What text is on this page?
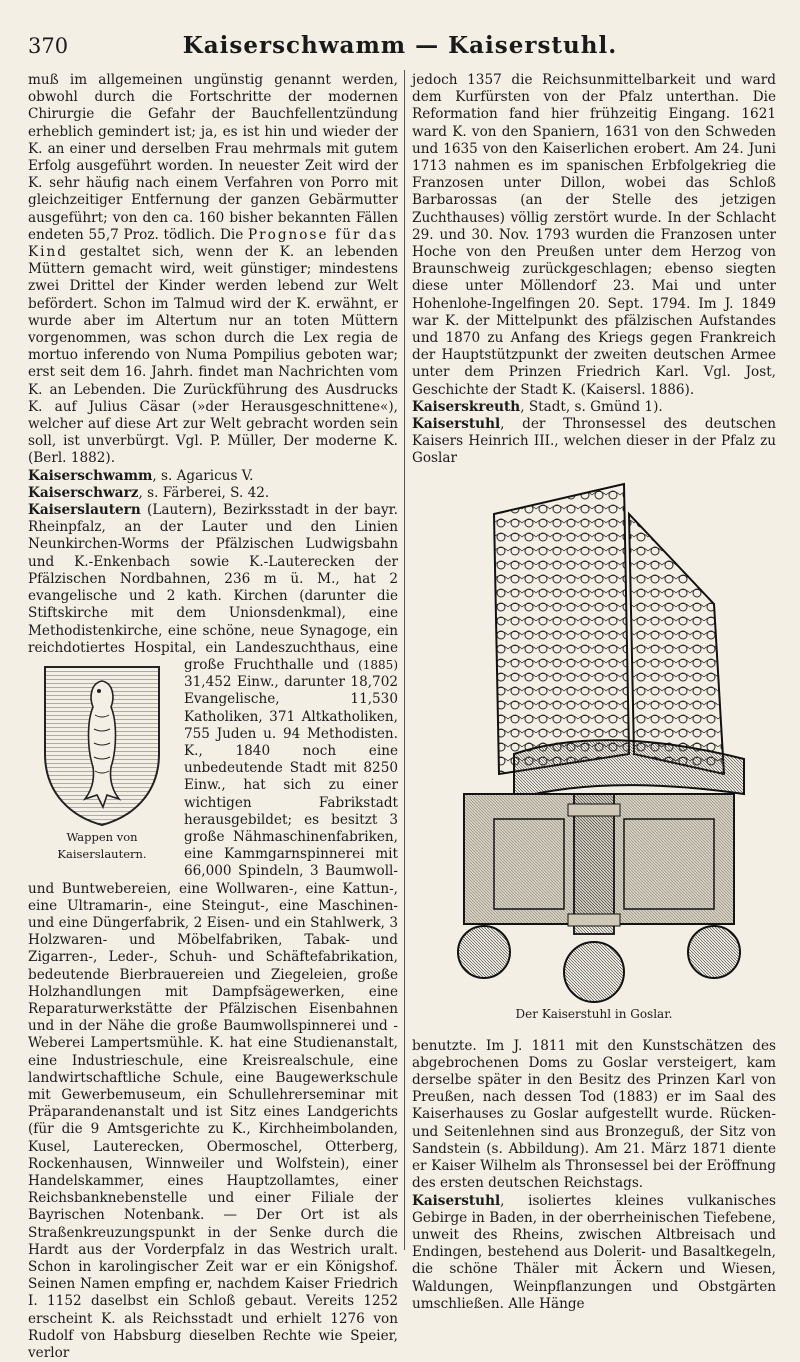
370	Kaiserschwamm — Kaiserstuhl.

muß im allgemeinen ungünstig genannt werden, obwohl durch die Fortschritte der modernen Chirurgie die Gefahr der Bauchfellentzündung erheblich gemindert ist; ja, es ist hin und wieder der K. an einer und derselben Frau mehrmals mit gutem Erfolg ausgeführt worden. In neuester Zeit wird der K. sehr häufig nach einem Verfahren von Porro mit gleichzeitiger Entfernung der ganzen Gebärmutter ausgeführt; von den ca. 160 bisher bekannten Fällen endeten 55,7 Proz. tödlich. Die Prognose für das Kind gestaltet sich, wenn der K. an lebenden Müttern gemacht wird, weit günstiger; mindestens zwei Drittel der Kinder werden lebend zur Welt befördert. Schon im Talmud wird der K. erwähnt, er wurde aber im Altertum nur an toten Müttern vorgenommen, was schon durch die Lex regia de mortuo inferendo von Numa Pompilius geboten war; erst seit dem 16. Jahrh. findet man Nachrichten vom K. an Lebenden. Die Zurückführung des Ausdrucks K. auf Julius Cäsar (»der Herausgeschnittene«), welcher auf diese Art zur Welt gebracht worden sein soll, ist unverbürgt. Vgl. P. Müller, Der moderne K. (Berl. 1882).

Kaiserschwamm, s. Agaricus V.

Kaiserschwarz, s. Färberei, S. 42.

Kaiserslautern (Lautern), Bezirksstadt in der bayr. Rheinpfalz, an der Lauter und den Linien Neunkirchen-Worms der Pfälzischen Ludwigsbahn und K.-Enkenbach sowie K.-Lauterecken der Pfälzischen Nordbahnen, 236 m ü. M., hat 2 evangelische und 2 kath. Kirchen (darunter die Stiftskirche mit dem Unionsdenkmal), eine Methodistenkirche, eine schöne, neue Synagoge, ein reichdotiertes Hospital, ein Landeszuchthaus, eine große Fruchthalle und
Wappen von Kaiserslautern.
(1885) 31,452 Einw., darunter 18,702 Evangelische, 11,530 Katholiken, 371 Altkatholiken, 755 Juden u. 94 Methodisten. K., 1840 noch eine unbedeutende Stadt mit 8250 Einw., hat sich zu einer wichtigen Fabrikstadt herausgebildet; es besitzt 3 große Nähmaschinenfabriken, eine Kammgarnspinnerei mit 66,000 Spindeln, 3 Baumwoll- und Buntwebereien, eine Wollwaren-, eine Kattun-, eine Ultramarin-, eine Steingut-, eine Maschinen- und eine Düngerfabrik, 2 Eisen- und ein Stahlwerk, 3 Holzwaren- und Möbelfabriken, Tabak- und Zigarren-, Leder-, Schuh- und Schäftefabrikation, bedeutende Bierbrauereien und Ziegeleien, große Holzhandlungen mit Dampfsägewerken, eine Reparaturwerkstätte der Pfälzischen Eisenbahnen und in der Nähe die große Baumwollspinnerei und -Weberei Lampertsmühle. K. hat eine Studienanstalt, eine Industrieschule, eine Kreisrealschule, eine landwirtschaftliche Schule, eine Baugewerkschule mit Gewerbemuseum, ein Schullehrerseminar mit Präparandenanstalt und ist Sitz eines Landgerichts (für die 9 Amtsgerichte zu K., Kirchheimbolanden, Kusel, Lauterecken, Obermoschel, Otterberg, Rockenhausen, Winnweiler und Wolfstein), einer Handelskammer, eines Hauptzollamtes, einer Reichsbanknebenstelle und einer Filiale der Bayrischen Notenbank. — Der Ort ist als Straßenkreuzungspunkt in der Senke durch die Hardt aus der Vorderpfalz in das Westrich uralt. Schon in karolingischer Zeit war er ein Königshof. Seinen Namen empfing er, nachdem Kaiser Friedrich I. 1152 daselbst ein Schloß gebaut. Vereits 1252 erscheint K. als Reichsstadt und erhielt 1276 von Rudolf von Habsburg dieselben Rechte wie Speier, verlor

jedoch 1357 die Reichsunmittelbarkeit und ward dem Kurfürsten von der Pfalz unterthan. Die Reformation fand hier frühzeitig Eingang. 1621 ward K. von den Spaniern, 1631 von den Schweden und 1635 von den Kaiserlichen erobert. Am 24. Juni 1713 nahmen es im spanischen Erbfolgekrieg die Franzosen unter Dillon, wobei das Schloß Barbarossas (an der Stelle des jetzigen Zuchthauses) völlig zerstört wurde. In der Schlacht 29. und 30. Nov. 1793 wurden die Franzosen unter Hoche von den Preußen unter dem Herzog von Braunschweig zurückgeschlagen; ebenso siegten diese unter Möllendorf 23. Mai und unter Hohenlohe-Ingelfingen 20. Sept. 1794. Im J. 1849 war K. der Mittelpunkt des pfälzischen Aufstandes und 1870 zu Anfang des Kriegs gegen Frankreich der Hauptstützpunkt der zweiten deutschen Armee unter dem Prinzen Friedrich Karl. Vgl. Jost, Geschichte der Stadt K. (Kaisersl. 1886).

Kaiserskreuth, Stadt, s. Gmünd 1).

Kaiserstuhl, der Thronsessel des deutschen Kaisers Heinrich III., welchen dieser in der Pfalz zu Goslar

Der Kaiserstuhl in Goslar.

benutzte. Im J. 1811 mit den Kunstschätzen des abgebrochenen Doms zu Goslar versteigert, kam derselbe später in den Besitz des Prinzen Karl von Preußen, nach dessen Tod (1883) er im Saal des Kaiserhauses zu Goslar aufgestellt wurde. Rücken- und Seitenlehnen sind aus Bronzeguß, der Sitz von Sandstein (s. Abbildung). Am 21. März 1871 diente er Kaiser Wilhelm als Thronsessel bei der Eröffnung des ersten deutschen Reichstags.

Kaiserstuhl, isoliertes kleines vulkanisches Gebirge in Baden, in der oberrheinischen Tiefebene, unweit des Rheins, zwischen Altbreisach und Endingen, bestehend aus Dolerit- und Basaltkegeln, die schöne Thäler mit Äckern und Wiesen, Waldungen, Weinpflanzungen und Obstgärten umschließen. Alle Hänge
